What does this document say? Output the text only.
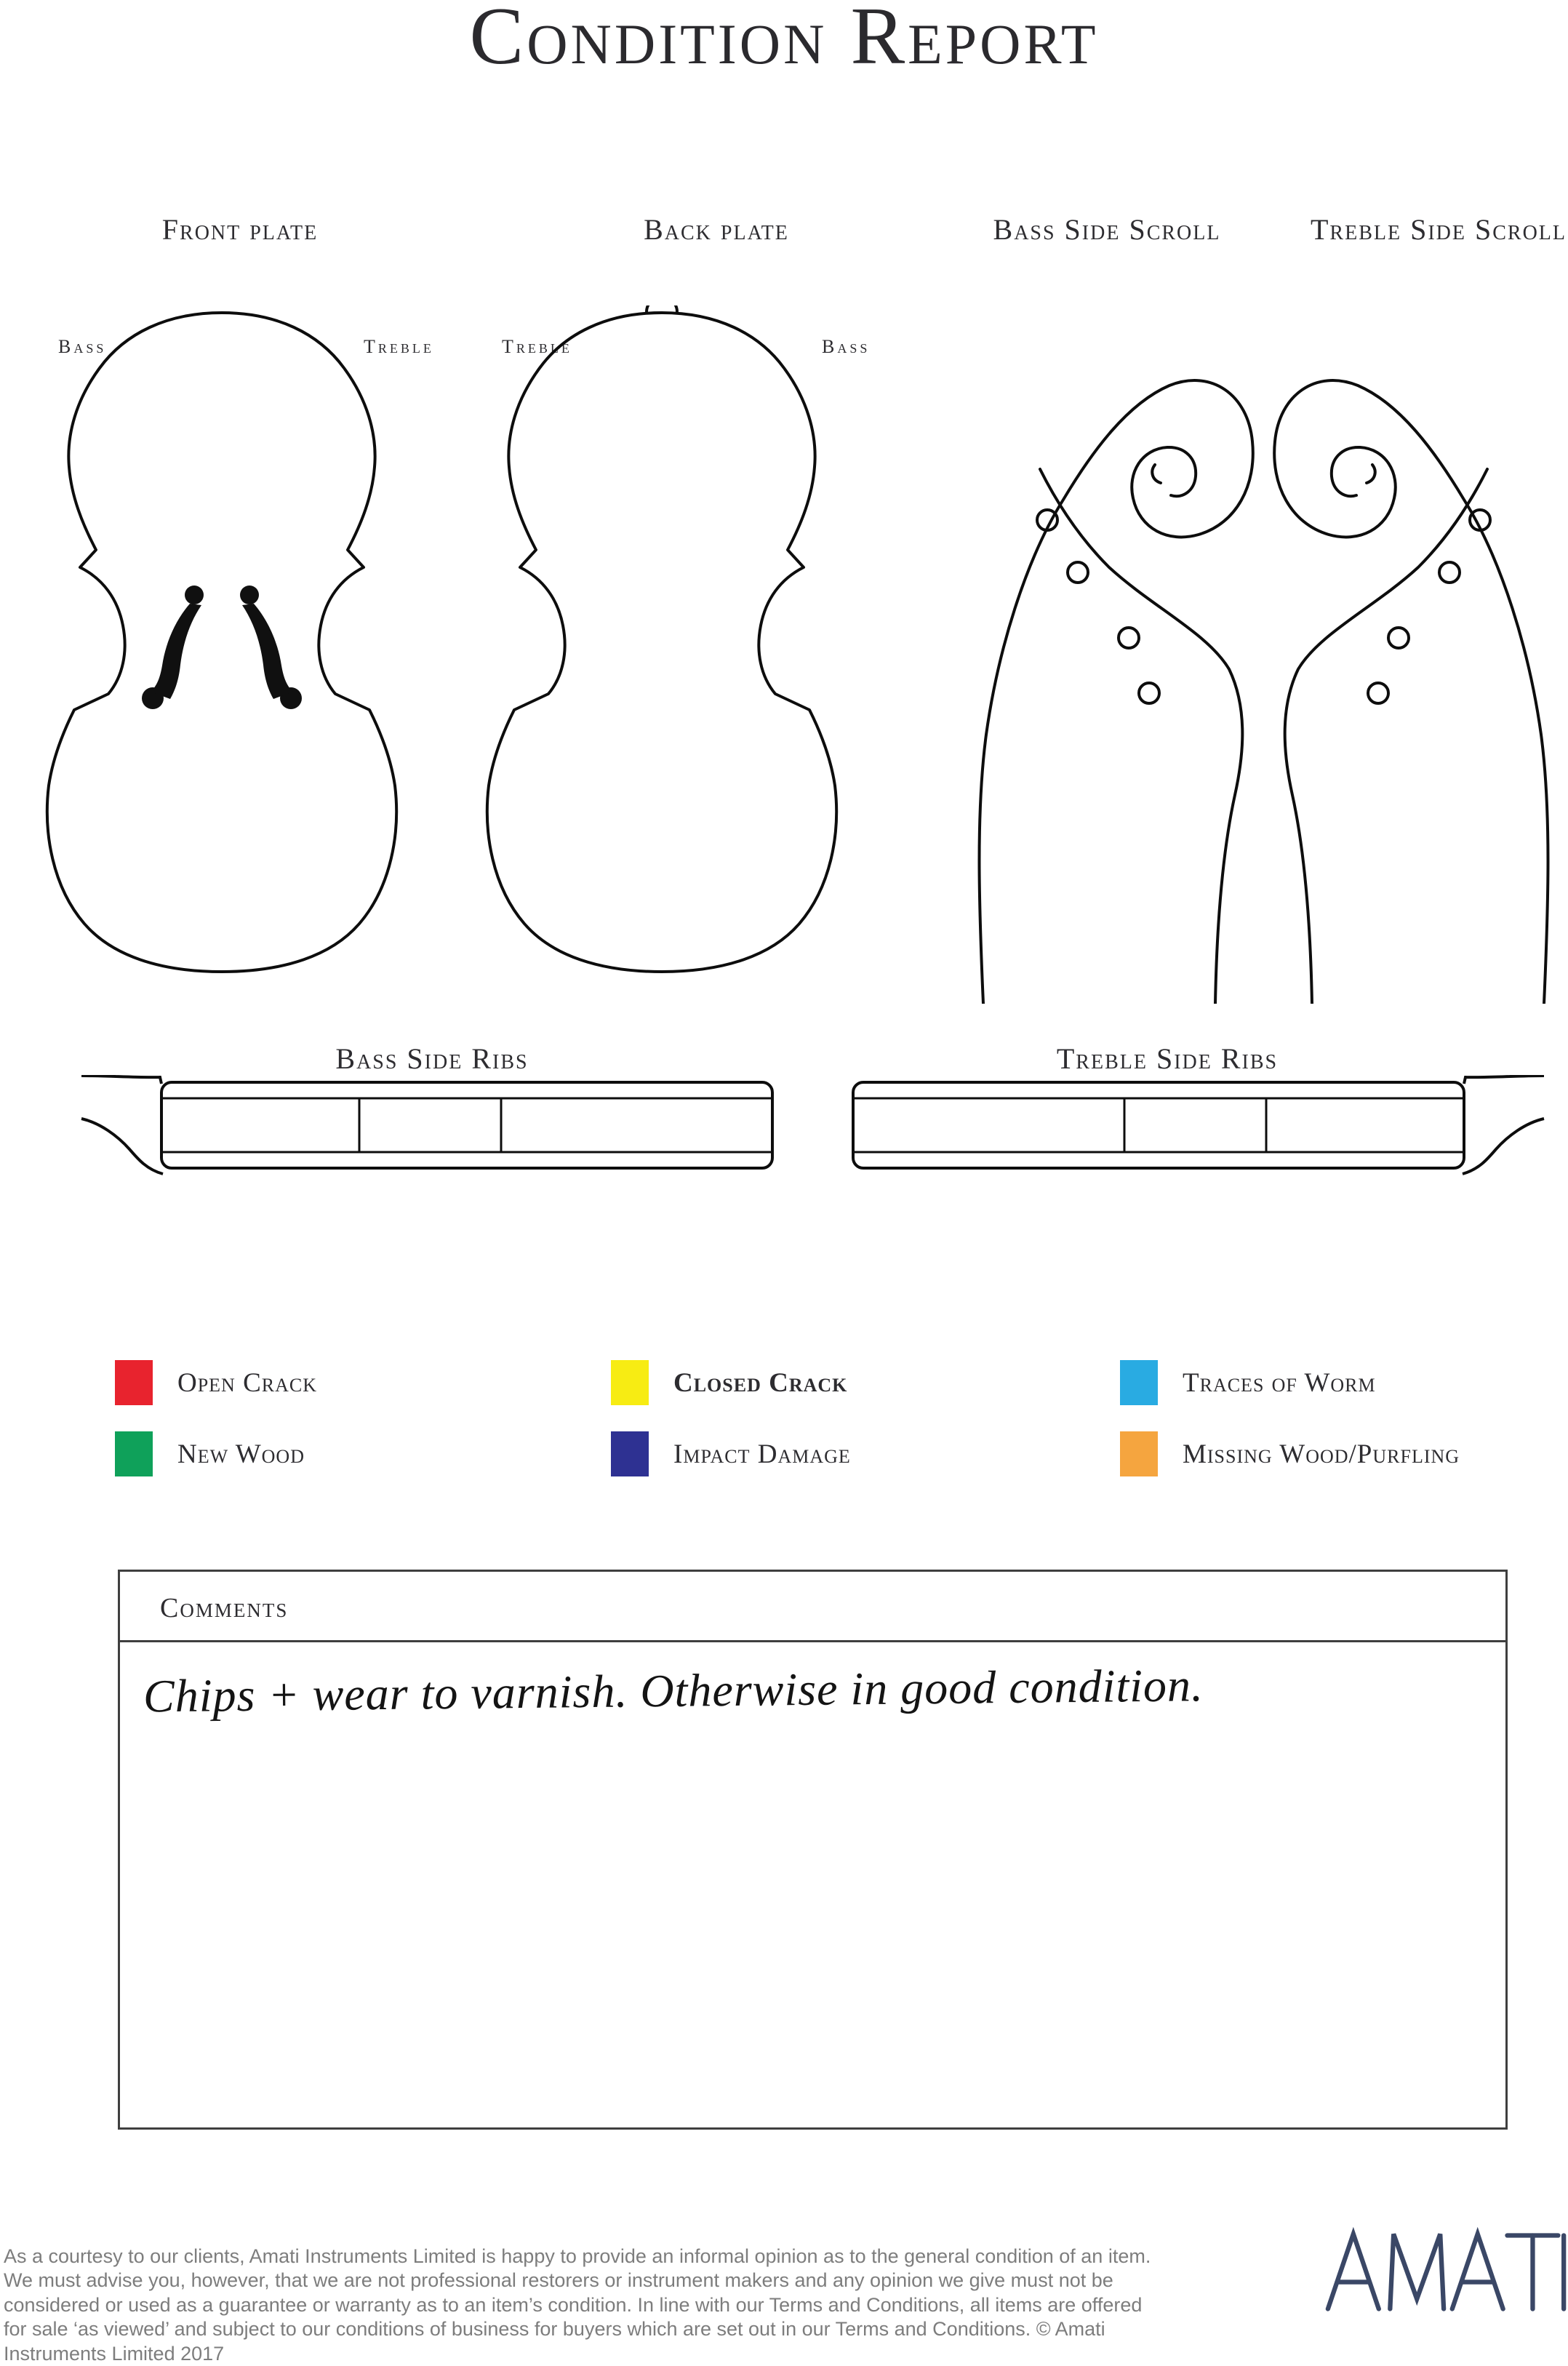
Condition Report
Front plate	Back plate	Bass Side Scroll	Treble Side Scroll
Bass	Treble	Treble	Bass
Bass Side Ribs	Treble Side Ribs
Open Crack	Closed Crack	Traces of Worm
New Wood	Impact Damage	Missing Wood/Purfling
Comments
Chips + wear to varnish. Otherwise in good condition.
As a courtesy to our clients, Amati Instruments Limited is happy to provide an informal opinion as to the general condition of an item. We must advise you, however, that we are not professional restorers or instrument makers and any opinion we give must not be considered or used as a guarantee or warranty as to an item’s condition. In line with our Terms and Conditions, all items are offered for sale ‘as viewed’ and subject to our conditions of business for buyers which are set out in our Terms and Conditions. © Amati Instruments Limited 2017
